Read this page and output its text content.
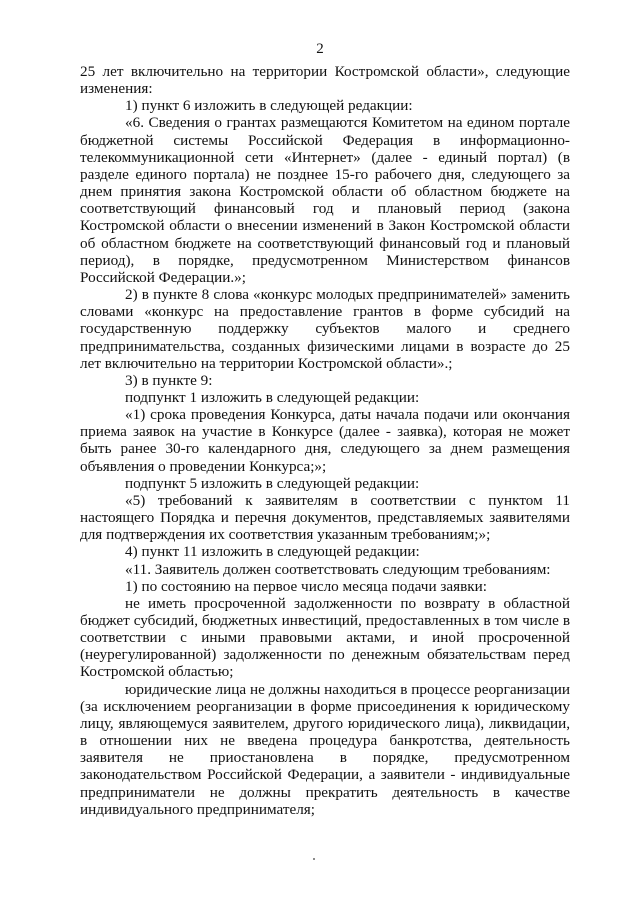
2

25 лет включительно на территории Костромской области», следующие изменения:

1) пункт 6 изложить в следующей редакции:

«6. Сведения о грантах размещаются Комитетом на едином портале бюджетной системы Российской Федерация в информационно-телекоммуникационной сети «Интернет» (далее - единый портал) (в разделе единого портала) не позднее 15-го рабочего дня, следующего за днем принятия закона Костромской области об областном бюджете на соответствующий финансовый год и плановый период (закона Костромской области о внесении изменений в Закон Костромской области об областном бюджете на соответствующий финансовый год и плановый период), в порядке, предусмотренном Министерством финансов Российской Федерации.»;

2) в пункте 8 слова «конкурс молодых предпринимателей» заменить словами «конкурс на предоставление грантов в форме субсидий на государственную поддержку субъектов малого и среднего предпринимательства, созданных физическими лицами в возрасте до 25 лет включительно на территории Костромской области».;

3) в пункте 9:

подпункт 1 изложить в следующей редакции:

«1) срока проведения Конкурса, даты начала подачи или окончания приема заявок на участие в Конкурсе (далее - заявка), которая не может быть ранее 30-го календарного дня, следующего за днем размещения объявления о проведении Конкурса;»;

подпункт 5 изложить в следующей редакции:

«5) требований к заявителям в соответствии с пунктом 11 настоящего Порядка и перечня документов, представляемых заявителями для подтверждения их соответствия указанным требованиям;»;

4) пункт 11 изложить в следующей редакции:

«11. Заявитель должен соответствовать следующим требованиям:

1) по состоянию на первое число месяца подачи заявки:

не иметь просроченной задолженности по возврату в областной бюджет субсидий, бюджетных инвестиций, предоставленных в том числе в соответствии с иными правовыми актами, и иной просроченной (неурегулированной) задолженности по денежным обязательствам перед Костромской областью;

юридические лица не должны находиться в процессе реорганизации (за исключением реорганизации в форме присоединения к юридическому лицу, являющемуся заявителем, другого юридического лица), ликвидации, в отношении них не введена процедура банкротства, деятельность заявителя не приостановлена в порядке, предусмотренном законодательством Российской Федерации, а заявители - индивидуальные предприниматели не должны прекратить деятельность в качестве индивидуального предпринимателя;
